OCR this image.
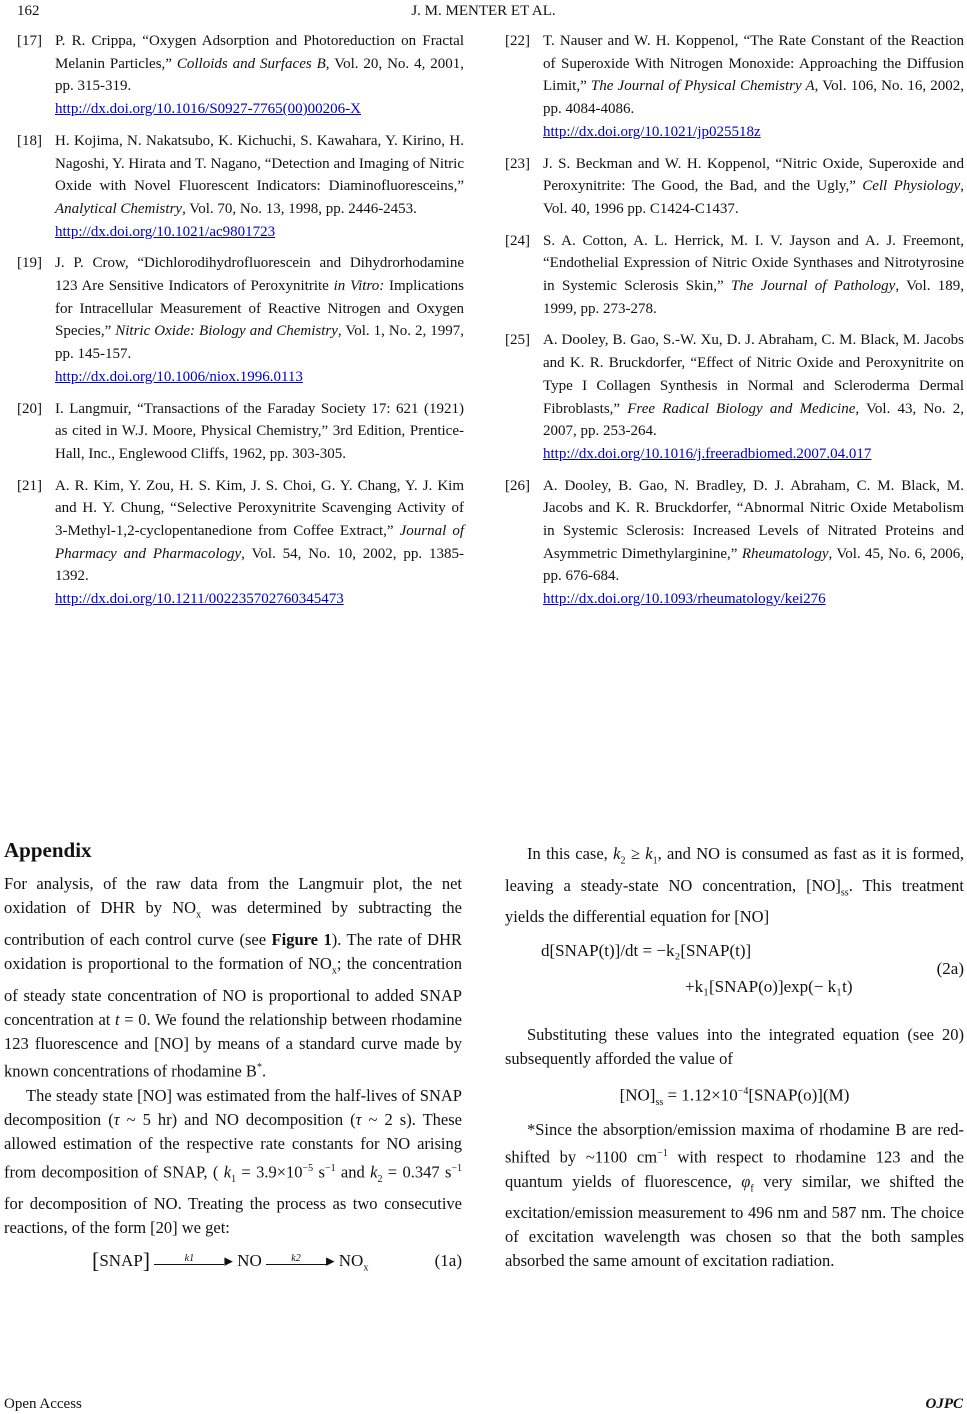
162	J. M. MENTER ET AL.
[17] P. R. Crippa, “Oxygen Adsorption and Photoreduction on Fractal Melanin Particles,” Colloids and Surfaces B, Vol. 20, No. 4, 2001, pp. 315-319.
http://dx.doi.org/10.1016/S0927-7765(00)00206-X
[18] H. Kojima, N. Nakatsubo, K. Kichuchi, S. Kawahara, Y. Kirino, H. Nagoshi, Y. Hirata and T. Nagano, “Detection and Imaging of Nitric Oxide with Novel Fluorescent Indicators: Diaminofluoresceins,” Analytical Chemistry, Vol. 70, No. 13, 1998, pp. 2446-2453.
http://dx.doi.org/10.1021/ac9801723
[19] J. P. Crow, “Dichlorodihydrofluorescein and Dihydrorhodamine 123 Are Sensitive Indicators of Peroxynitrite in Vitro: Implications for Intracellular Measurement of Reactive Nitrogen and Oxygen Species,” Nitric Oxide: Biology and Chemistry, Vol. 1, No. 2, 1997, pp. 145-157.
http://dx.doi.org/10.1006/niox.1996.0113
[20] I. Langmuir, “Transactions of the Faraday Society 17: 621 (1921) as cited in W.J. Moore, Physical Chemistry,” 3rd Edition, Prentice-Hall, Inc., Englewood Cliffs, 1962, pp. 303-305.
[21] A. R. Kim, Y. Zou, H. S. Kim, J. S. Choi, G. Y. Chang, Y. J. Kim and H. Y. Chung, “Selective Peroxynitrite Scavenging Activity of 3-Methyl-1,2-cyclopentanedione from Coffee Extract,” Journal of Pharmacy and Pharmacology, Vol. 54, No. 10, 2002, pp. 1385-1392.
http://dx.doi.org/10.1211/002235702760345473
[22] T. Nauser and W. H. Koppenol, “The Rate Constant of the Reaction of Superoxide With Nitrogen Monoxide: Approaching the Diffusion Limit,” The Journal of Physical Chemistry A, Vol. 106, No. 16, 2002, pp. 4084-4086.
http://dx.doi.org/10.1021/jp025518z
[23] J. S. Beckman and W. H. Koppenol, “Nitric Oxide, Superoxide and Peroxynitrite: The Good, the Bad, and the Ugly,” Cell Physiology, Vol. 40, 1996 pp. C1424-C1437.
[24] S. A. Cotton, A. L. Herrick, M. I. V. Jayson and A. J. Freemont, “Endothelial Expression of Nitric Oxide Synthases and Nitrotyrosine in Systemic Sclerosis Skin,” The Journal of Pathology, Vol. 189, 1999, pp. 273-278.
[25] A. Dooley, B. Gao, S.-W. Xu, D. J. Abraham, C. M. Black, M. Jacobs and K. R. Bruckdorfer, “Effect of Nitric Oxide and Peroxynitrite on Type I Collagen Synthesis in Normal and Scleroderma Dermal Fibroblasts,” Free Radical Biology and Medicine, Vol. 43, No. 2, 2007, pp. 253-264.
http://dx.doi.org/10.1016/j.freeradbiomed.2007.04.017
[26] A. Dooley, B. Gao, N. Bradley, D. J. Abraham, C. M. Black, M. Jacobs and K. R. Bruckdorfer, “Abnormal Nitric Oxide Metabolism in Systemic Sclerosis: Increased Levels of Nitrated Proteins and Asymmetric Dimethylarginine,” Rheumatology, Vol. 45, No. 6, 2006, pp. 676-684.
http://dx.doi.org/10.1093/rheumatology/kei276
Appendix

For analysis, of the raw data from the Langmuir plot, the net oxidation of DHR by $NO_x$ was determined by subtracting the contribution of each control curve (see Figure 1). The rate of DHR oxidation is proportional to the formation of $NO_x$; the concentration of steady state concentration of NO is proportional to added SNAP concentration at t = 0. We found the relationship between rhodamine 123 fluorescence and [NO] by means of a standard curve made by known concentrations of rhodamine B*.

The steady state [NO] was estimated from the half-lives of SNAP decomposition (τ ~ 5 hr) and NO decomposition (τ ~ 2 s). These allowed estimation of the respective rate constants for NO arising from decomposition of SNAP, ( $k_1 = 3.9\times 10^{-5}$ $s^{-1}$ and $k_2 = 0.347$ $s^{-1}$ for decomposition of NO. Treating the process as two consecutive reactions, of the form [20] we get:

[SNAP]	k1 ▸ NO	k2 ▸ $NO_x$	(1a)

In this case, $k_2 \ge k_1$, and NO is consumed as fast as it is formed, leaving a steady-state NO concentration, $[NO]_{ss}$. This treatment yields the differential equation for [NO]

d[SNAP(t)]/dt = −k₂[SNAP(t)]
+k₁[SNAP(o)]exp(− k₁t)
(2a)

Substituting these values into the integrated equation (see 20) subsequently afforded the value of

$[NO]_{ss}$ = $1.12\times 10^{-4}[SNAP(o)](M)$

*Since the absorption/emission maxima of rhodamine B are red-shifted by ~1100 $cm^{-1}$ with respect to rhodamine 123 and the quantum yields of fluorescence, $\varphi_f$ very similar, we shifted the excitation/emission measurement to 496 nm and 587 nm. The choice of excitation wavelength was chosen so that the both samples absorbed the same amount of excitation radiation.

Open Access	OJPC
